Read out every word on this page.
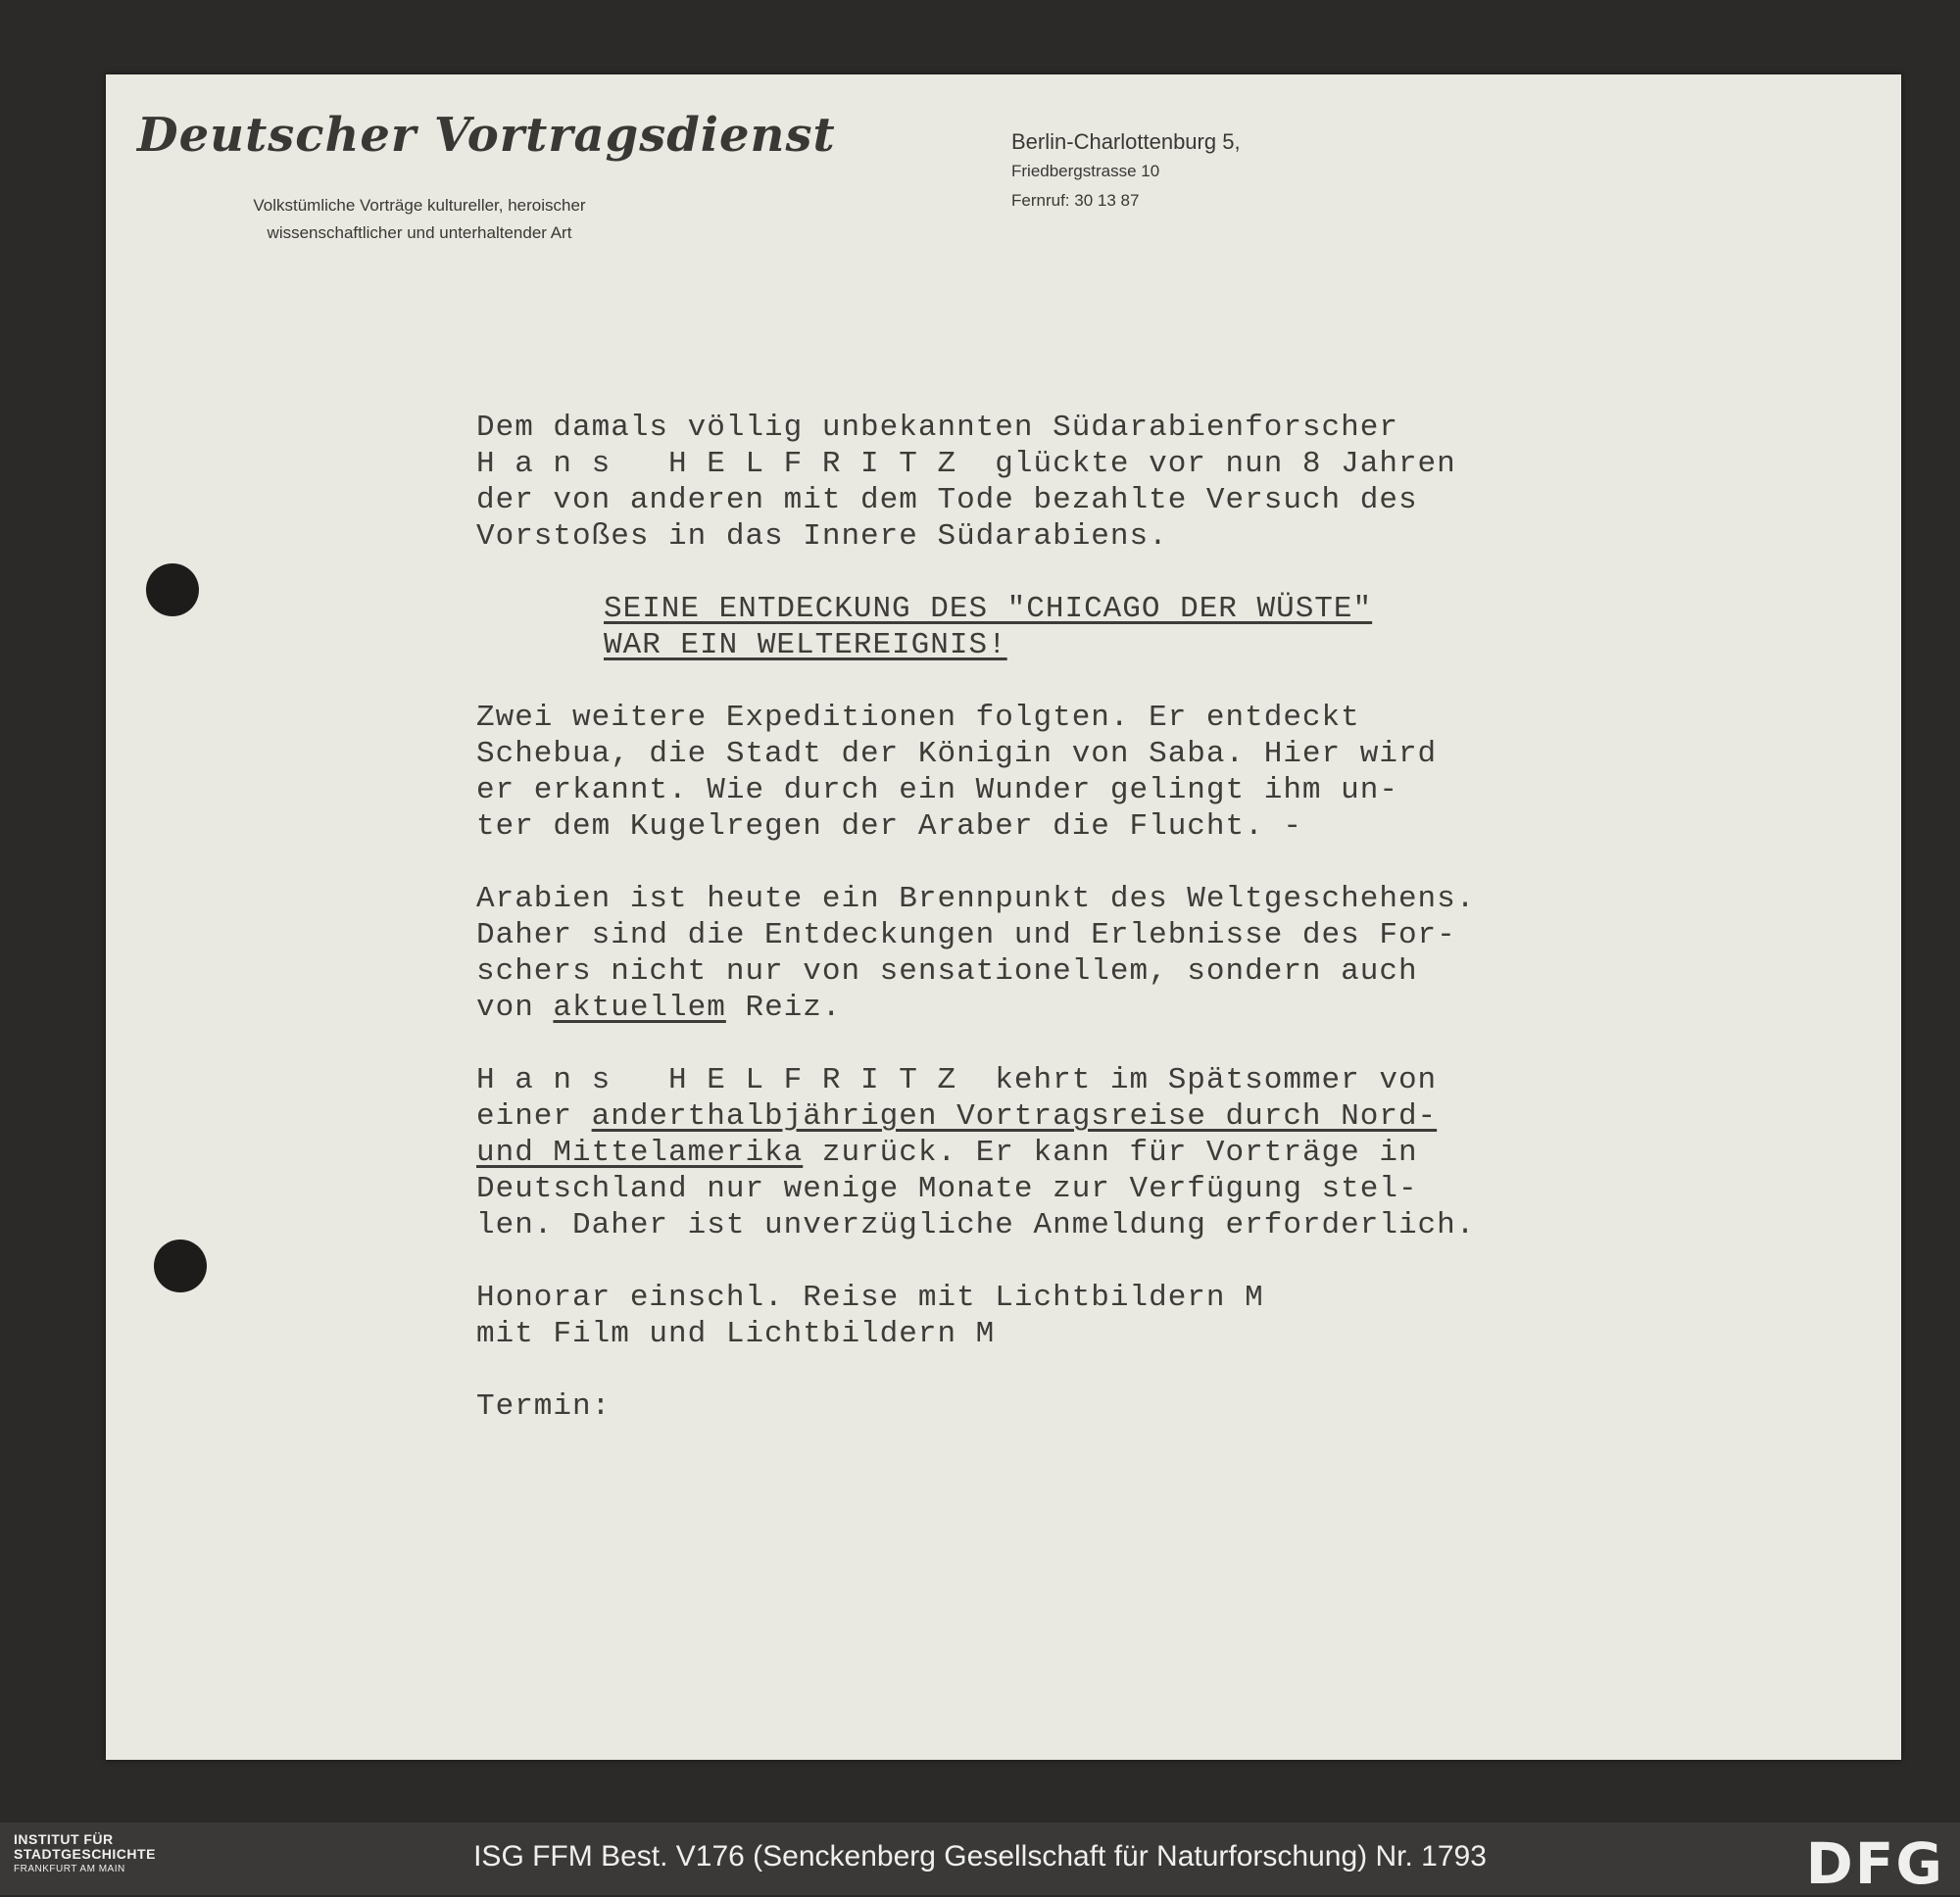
Deutscher Vortragsdienst
Volkstümliche Vorträge kultureller, heroischer
wissenschaftlicher und unterhaltender Art
Berlin-Charlottenburg 5,
Friedbergstrasse 10
Fernruf: 30 13 87
Dem damals völlig unbekannten Südarabienforscher
H a n s   H E L F R I T Z  glückte vor nun 8 Jahren
der von anderen mit dem Tode bezahlte Versuch des
Vorstoßes in das Innere Südarabiens.
SEINE ENTDECKUNG DES "CHICAGO DER WÜSTE"
WAR EIN WELTEREIGNIS!
Zwei weitere Expeditionen folgten. Er entdeckt
Schebua, die Stadt der Königin von Saba. Hier wird
er erkannt. Wie durch ein Wunder gelingt ihm un-
ter dem Kugelregen der Araber die Flucht. -
Arabien ist heute ein Brennpunkt des Weltgeschehens.
Daher sind die Entdeckungen und Erlebnisse des For-
schers nicht nur von sensationellem, sondern auch
von aktuellem Reiz.
H a n s   H E L F R I T Z  kehrt im Spätsommer von
einer anderthalbjährigen Vortragsreise durch Nord-
und Mittelamerika zurück. Er kann für Vorträge in
Deutschland nur wenige Monate zur Verfügung stel-
len. Daher ist unverzügliche Anmeldung erforderlich.
Honorar einschl. Reise mit Lichtbildern M
mit Film und Lichtbildern M
Termin:
INSTITUT FÜR
STADTGESCHICHTE
FRANKFURT AM MAIN	ISG FFM Best. V176 (Senckenberg Gesellschaft für Naturforschung) Nr. 1793	DFG
